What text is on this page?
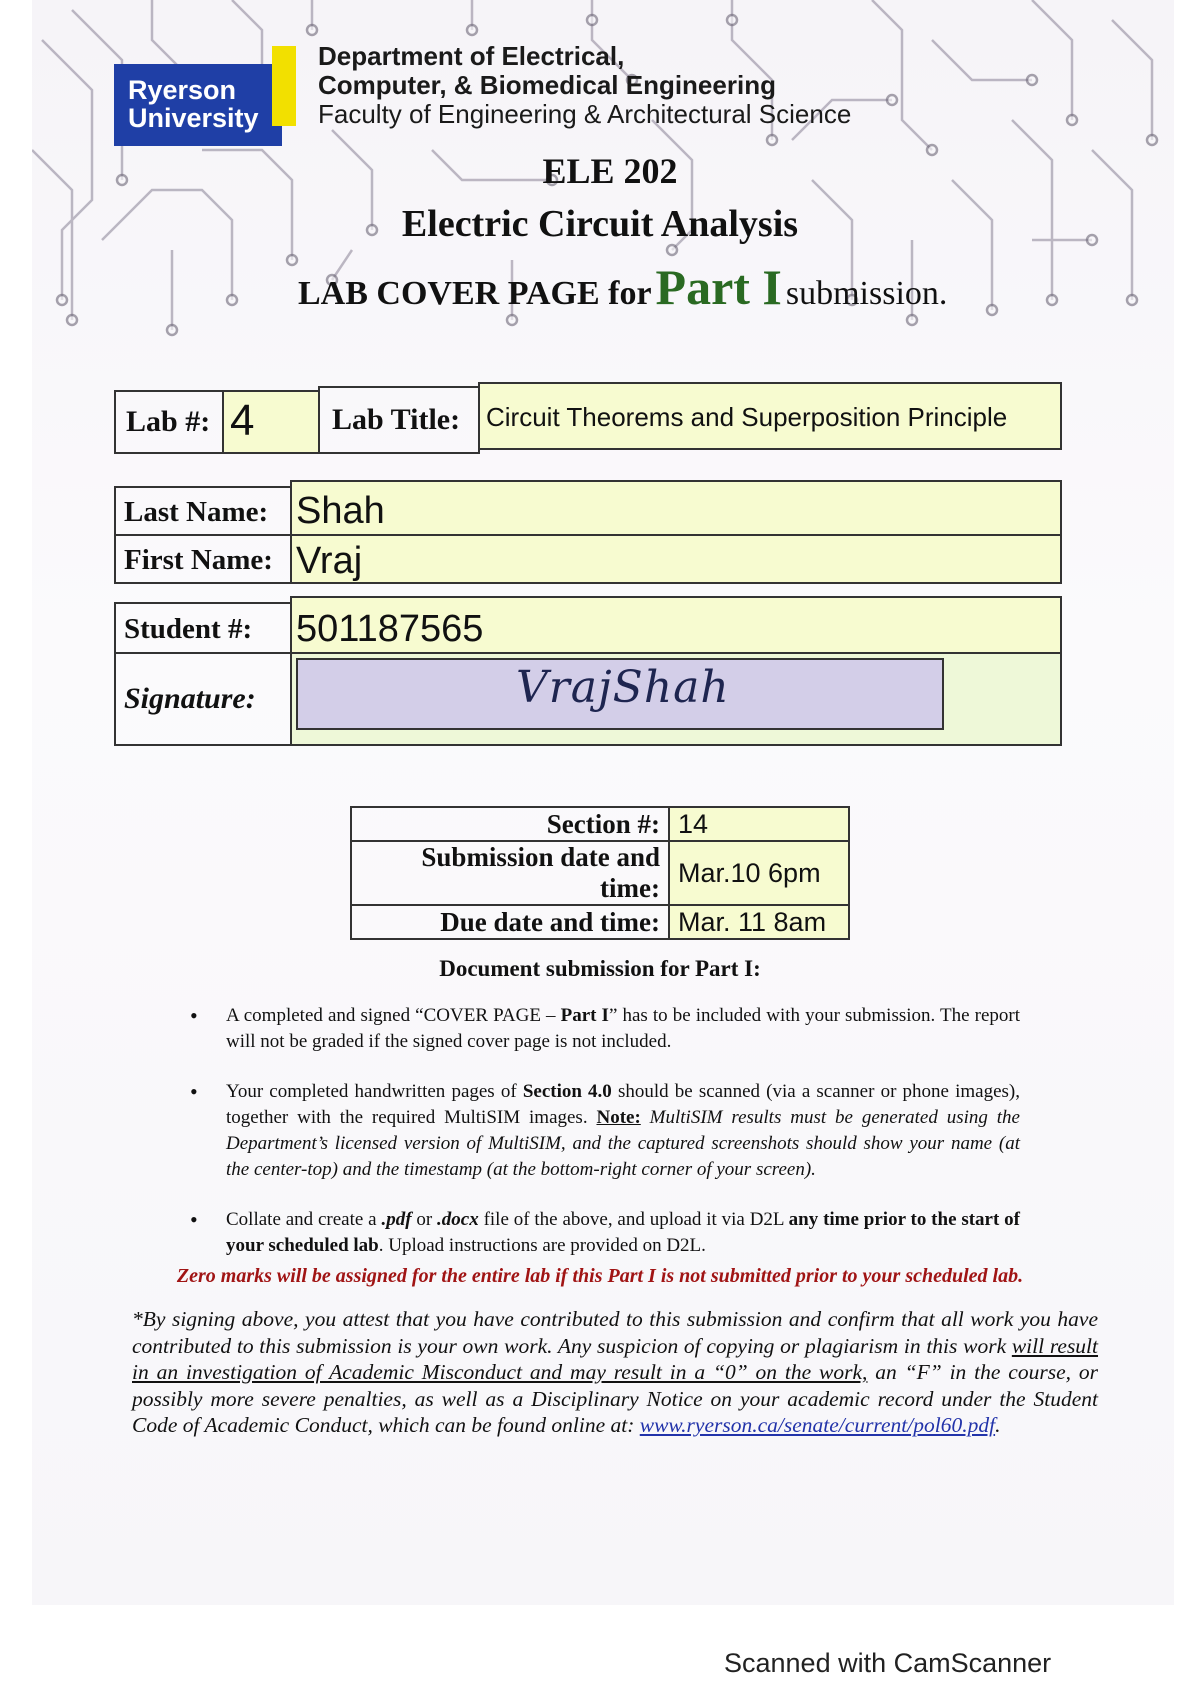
Ryerson University
Department of Electrical,
Computer, & Biomedical Engineering
Faculty of Engineering & Architectural Science
ELE 202
Electric Circuit Analysis
LAB COVER PAGE for Part I submission.
Lab #: 4	Lab Title: Circuit Theorems and Superposition Principle
Last Name: Shah
First Name: Vraj
Student #: 501187565
Signature:	VrajShah
Section #:	14
Submission date and time:	Mar.10 6pm
Due date and time:	Mar. 11 8am
Document submission for Part I:
• A completed and signed “COVER PAGE – Part I” has to be included with your submission. The report will not be graded if the signed cover page is not included.
• Your completed handwritten pages of Section 4.0 should be scanned (via a scanner or phone images), together with the required MultiSIM images. Note: MultiSIM results must be generated using the Department’s licensed version of MultiSIM, and the captured screenshots should show your name (at the center-top) and the timestamp (at the bottom-right corner of your screen).
• Collate and create a .pdf or .docx file of the above, and upload it via D2L any time prior to the start of your scheduled lab. Upload instructions are provided on D2L.
Zero marks will be assigned for the entire lab if this Part I is not submitted prior to your scheduled lab.
*By signing above, you attest that you have contributed to this submission and confirm that all work you have contributed to this submission is your own work. Any suspicion of copying or plagiarism in this work will result in an investigation of Academic Misconduct and may result in a “0” on the work, an “F” in the course, or possibly more severe penalties, as well as a Disciplinary Notice on your academic record under the Student Code of Academic Conduct, which can be found online at: www.ryerson.ca/senate/current/pol60.pdf.
Scanned with CamScanner
